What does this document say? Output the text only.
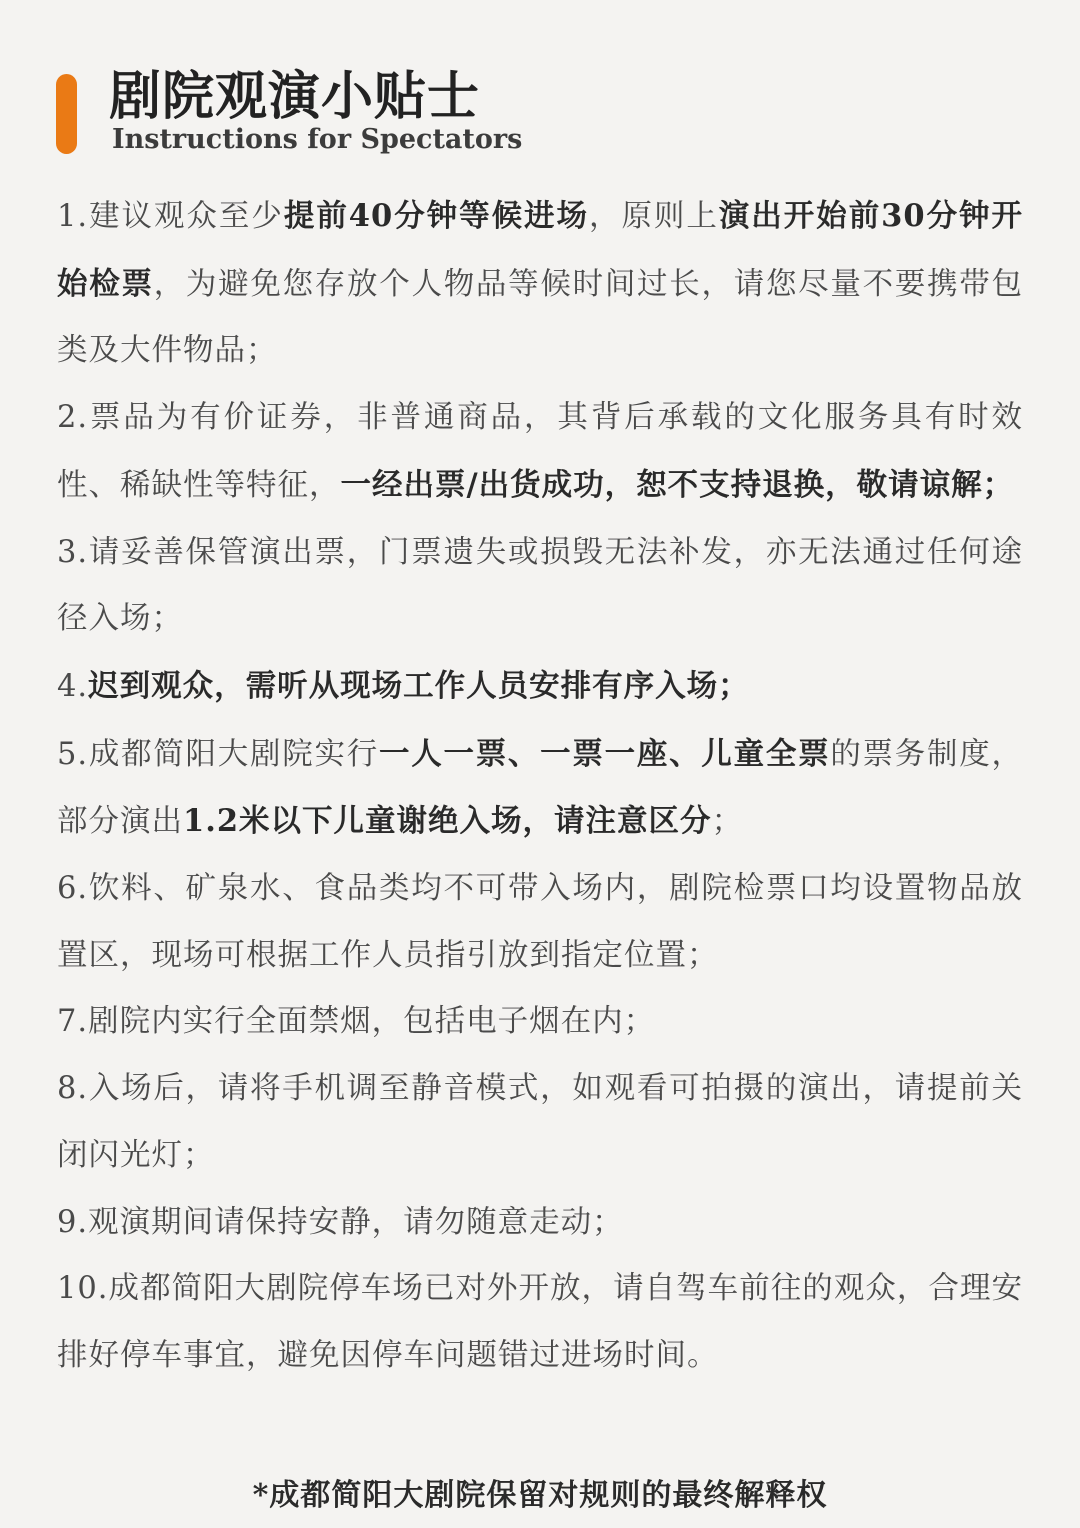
剧院观演小贴士
Instructions for Spectators

1.建议观众至少提前40分钟等候进场，原则上演出开始前30分钟开始检票，为避免您存放个人物品等候时间过长，请您尽量不要携带包类及大件物品；

2.票品为有价证券，非普通商品，其背后承载的文化服务具有时效性、稀缺性等特征，一经出票/出货成功，恕不支持退换，敬请谅解；

3.请妥善保管演出票，门票遗失或损毁无法补发，亦无法通过任何途径入场；

4.迟到观众，需听从现场工作人员安排有序入场；

5.成都简阳大剧院实行一人一票、一票一座、儿童全票的票务制度，部分演出1.2米以下儿童谢绝入场，请注意区分；

6.饮料、矿泉水、食品类均不可带入场内，剧院检票口均设置物品放置区，现场可根据工作人员指引放到指定位置；

7.剧院内实行全面禁烟，包括电子烟在内；

8.入场后，请将手机调至静音模式，如观看可拍摄的演出，请提前关闭闪光灯；

9.观演期间请保持安静，请勿随意走动；

10.成都简阳大剧院停车场已对外开放，请自驾车前往的观众，合理安排好停车事宜，避免因停车问题错过进场时间。

*成都简阳大剧院保留对规则的最终解释权
